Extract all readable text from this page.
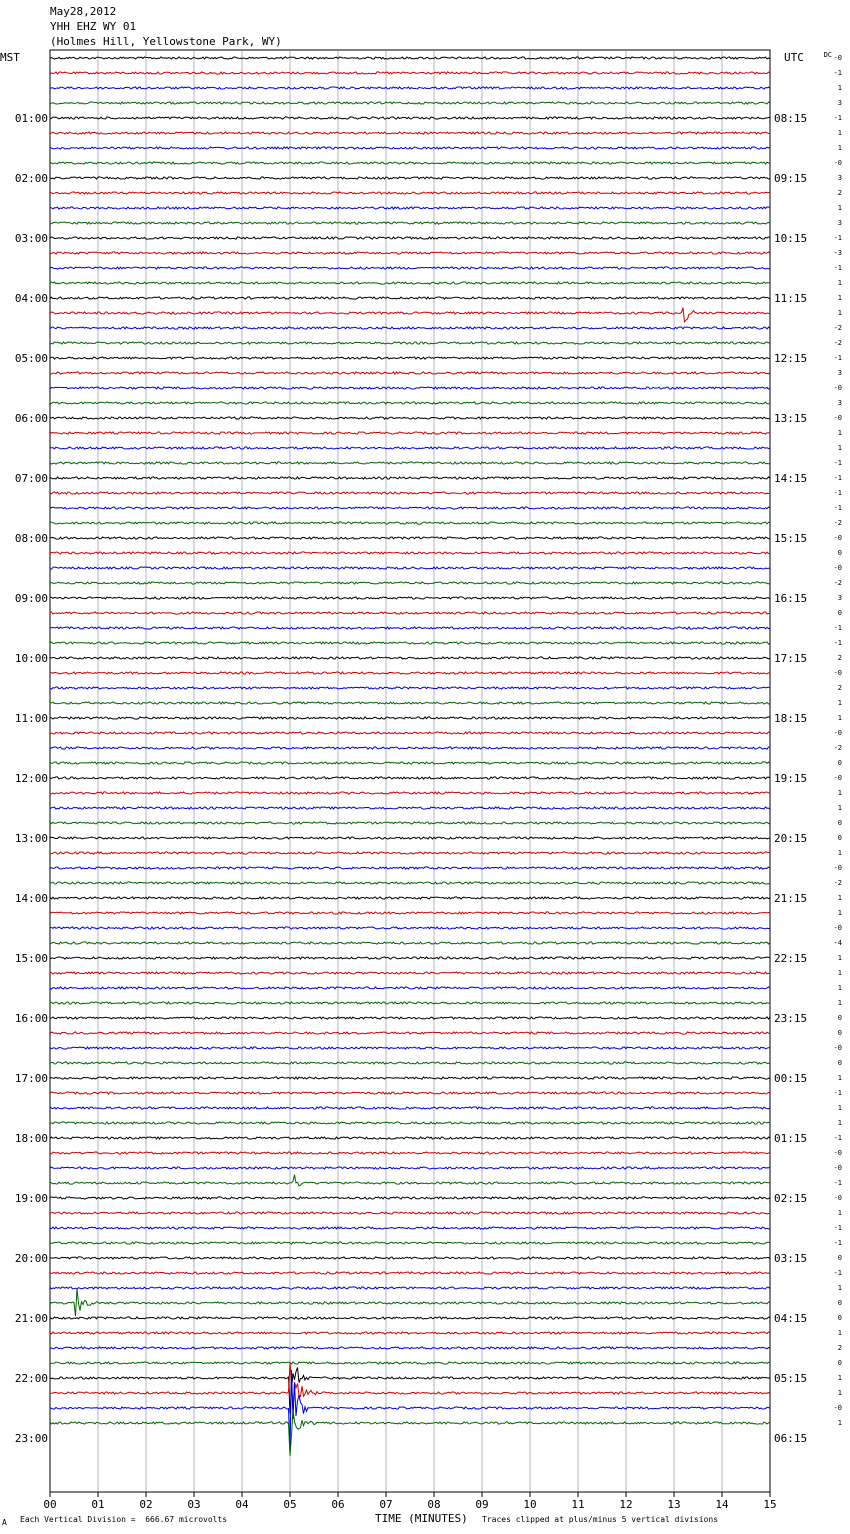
May28,2012
YHH EHZ WY 01
(Holmes Hill, Yellowstone Park, WY)
-0
-1
1
3
-1
1
1
-0
3
2
1
3
-1
-3
-1
1
1
1
-2
-2
-1
3
-0
3
-0
1
1
-1
-1
-1
-1
-2
-0
0
-0
-2
3
0
-1
-1
2
-0
2
1
1
-0
-2
0
-0
1
1
0
0
1
-0
-2
1
1
-0
-4
1
1
1
1
0
0
-0
0
1
-1
1
1
-1
-0
-0
-1
-0
1
-1
-1
0
-1
1
0
0
1
2
0
1
1
-0
1
DC
MST	UTC
01:00
02:00
03:00
04:00
05:00
06:00
07:00
08:00
09:00
10:00
11:00
12:00
13:00
14:00
15:00
16:00
17:00
18:00
19:00
20:00
21:00
22:00
23:00
08:15
09:15
10:15
11:15
12:15
13:15
14:15
15:15
16:15
17:15
18:15
19:15
20:15
21:15
22:15
23:15
00:15
01:15
02:15
03:15
04:15
05:15
06:15
00	01	02	03	04	05	06	07	08	09	10	11	12	13	14	15
TIME (MINUTES)
A Each Vertical Division =  666.67 microvolts	Traces clipped at plus/minus 5 vertical divisions
